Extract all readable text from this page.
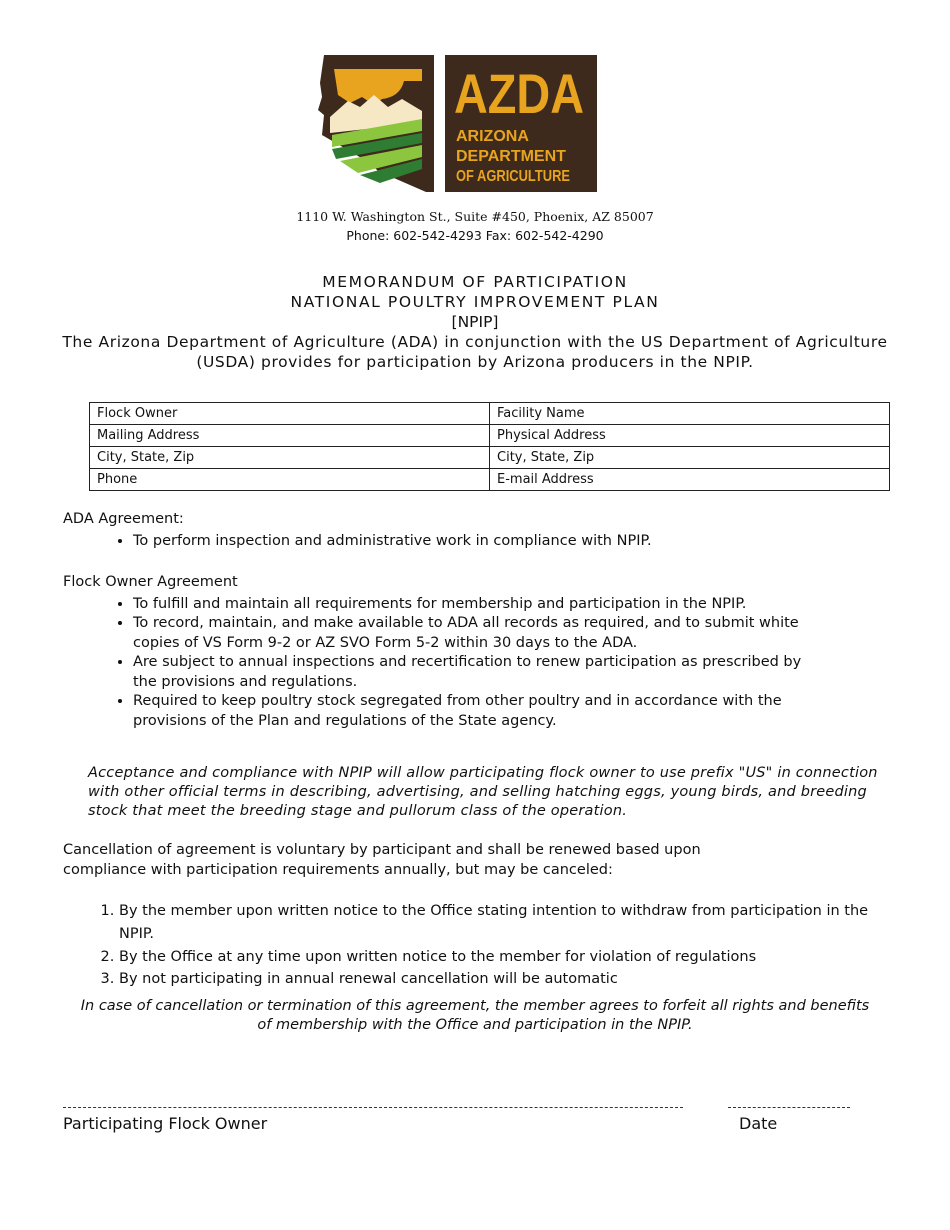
AZDA
ARIZONA
DEPARTMENT
OF AGRICULTURE
1110 W. Washington St., Suite #450, Phoenix, AZ 85007
Phone: 602-542-4293 Fax: 602-542-4290
MEMORANDUM OF PARTICIPATION
NATIONAL POULTRY IMPROVEMENT PLAN
[NPIP]
The Arizona Department of Agriculture (ADA) in conjunction with the US Department of Agriculture
(USDA) provides for participation by Arizona producers in the NPIP.
Flock Owner	Facility Name
Mailing Address	Physical Address
City, State, Zip	City, State, Zip
Phone	E-mail Address
ADA Agreement:
• To perform inspection and administrative work in compliance with NPIP.
Flock Owner Agreement
• To fulfill and maintain all requirements for membership and participation in the NPIP.
• To record, maintain, and make available to ADA all records as required, and to submit white copies of VS Form 9-2 or AZ SVO Form 5-2 within 30 days to the ADA.
• Are subject to annual inspections and recertification to renew participation as prescribed by the provisions and regulations.
• Required to keep poultry stock segregated from other poultry and in accordance with the provisions of the Plan and regulations of the State agency.
Acceptance and compliance with NPIP will allow participating flock owner to use prefix "US" in connection with other official terms in describing, advertising, and selling hatching eggs, young birds, and breeding stock that meet the breeding stage and pullorum class of the operation.
Cancellation of agreement is voluntary by participant and shall be renewed based upon compliance with participation requirements annually, but may be canceled:
1. By the member upon written notice to the Office stating intention to withdraw from participation in the NPIP.
2. By the Office at any time upon written notice to the member for violation of regulations
3. By not participating in annual renewal cancellation will be automatic
In case of cancellation or termination of this agreement, the member agrees to forfeit all rights and benefits of membership with the Office and participation in the NPIP.
Participating Flock Owner	Date
